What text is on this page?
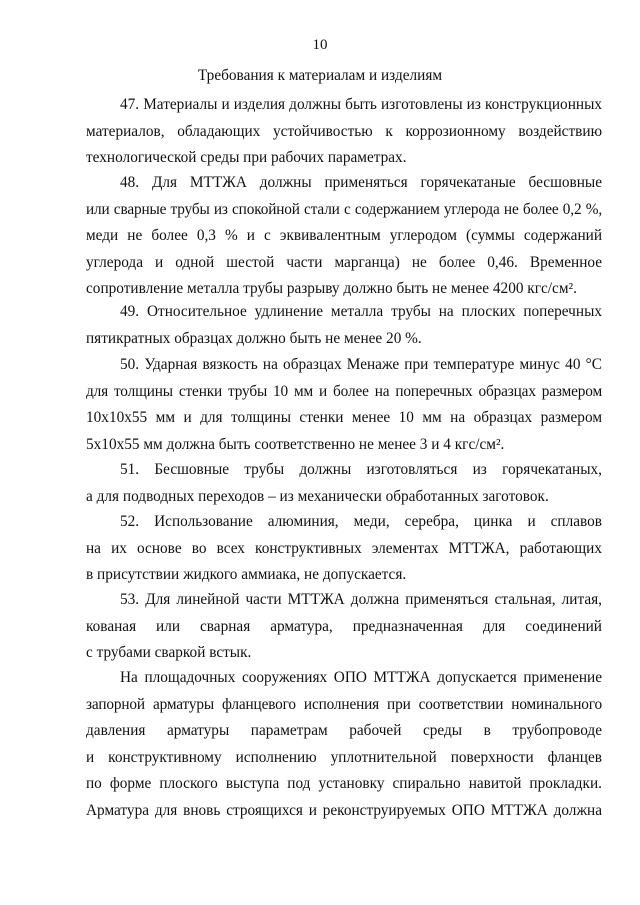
10
Требования к материалам и изделиям
47. Материалы и изделия должны быть изготовлены из конструкционных
материалов, обладающих устойчивостью к коррозионному воздействию
технологической среды при рабочих параметрах.
48. Для МТТЖА должны применяться горячекатаные бесшовные
или сварные трубы из спокойной стали с содержанием углерода не более 0,2 %,
меди не более 0,3 % и с эквивалентным углеродом (суммы содержаний
углерода и одной шестой части марганца) не более 0,46. Временное
сопротивление металла трубы разрыву должно быть не менее 4200 кгс/см².
49. Относительное удлинение металла трубы на плоских поперечных
пятикратных образцах должно быть не менее 20 %.
50. Ударная вязкость на образцах Менаже при температуре минус 40 °С
для толщины стенки трубы 10 мм и более на поперечных образцах размером
10x10x55 мм и для толщины стенки менее 10 мм на образцах размером
5x10x55 мм должна быть соответственно не менее 3 и 4 кгс/см².
51. Бесшовные трубы должны изготовляться из горячекатаных,
а для подводных переходов – из механически обработанных заготовок.
52. Использование алюминия, меди, серебра, цинка и сплавов
на их основе во всех конструктивных элементах МТТЖА, работающих
в присутствии жидкого аммиака, не допускается.
53. Для линейной части МТТЖА должна применяться стальная, литая,
кованая или сварная арматура, предназначенная для соединений
с трубами сваркой встык.
На площадочных сооружениях ОПО МТТЖА допускается применение
запорной арматуры фланцевого исполнения при соответствии номинального
давления арматуры параметрам рабочей среды в трубопроводе
и конструктивному исполнению уплотнительной поверхности фланцев
по форме плоского выступа под установку спирально навитой прокладки.
Арматура для вновь строящихся и реконструируемых ОПО МТТЖА должна
